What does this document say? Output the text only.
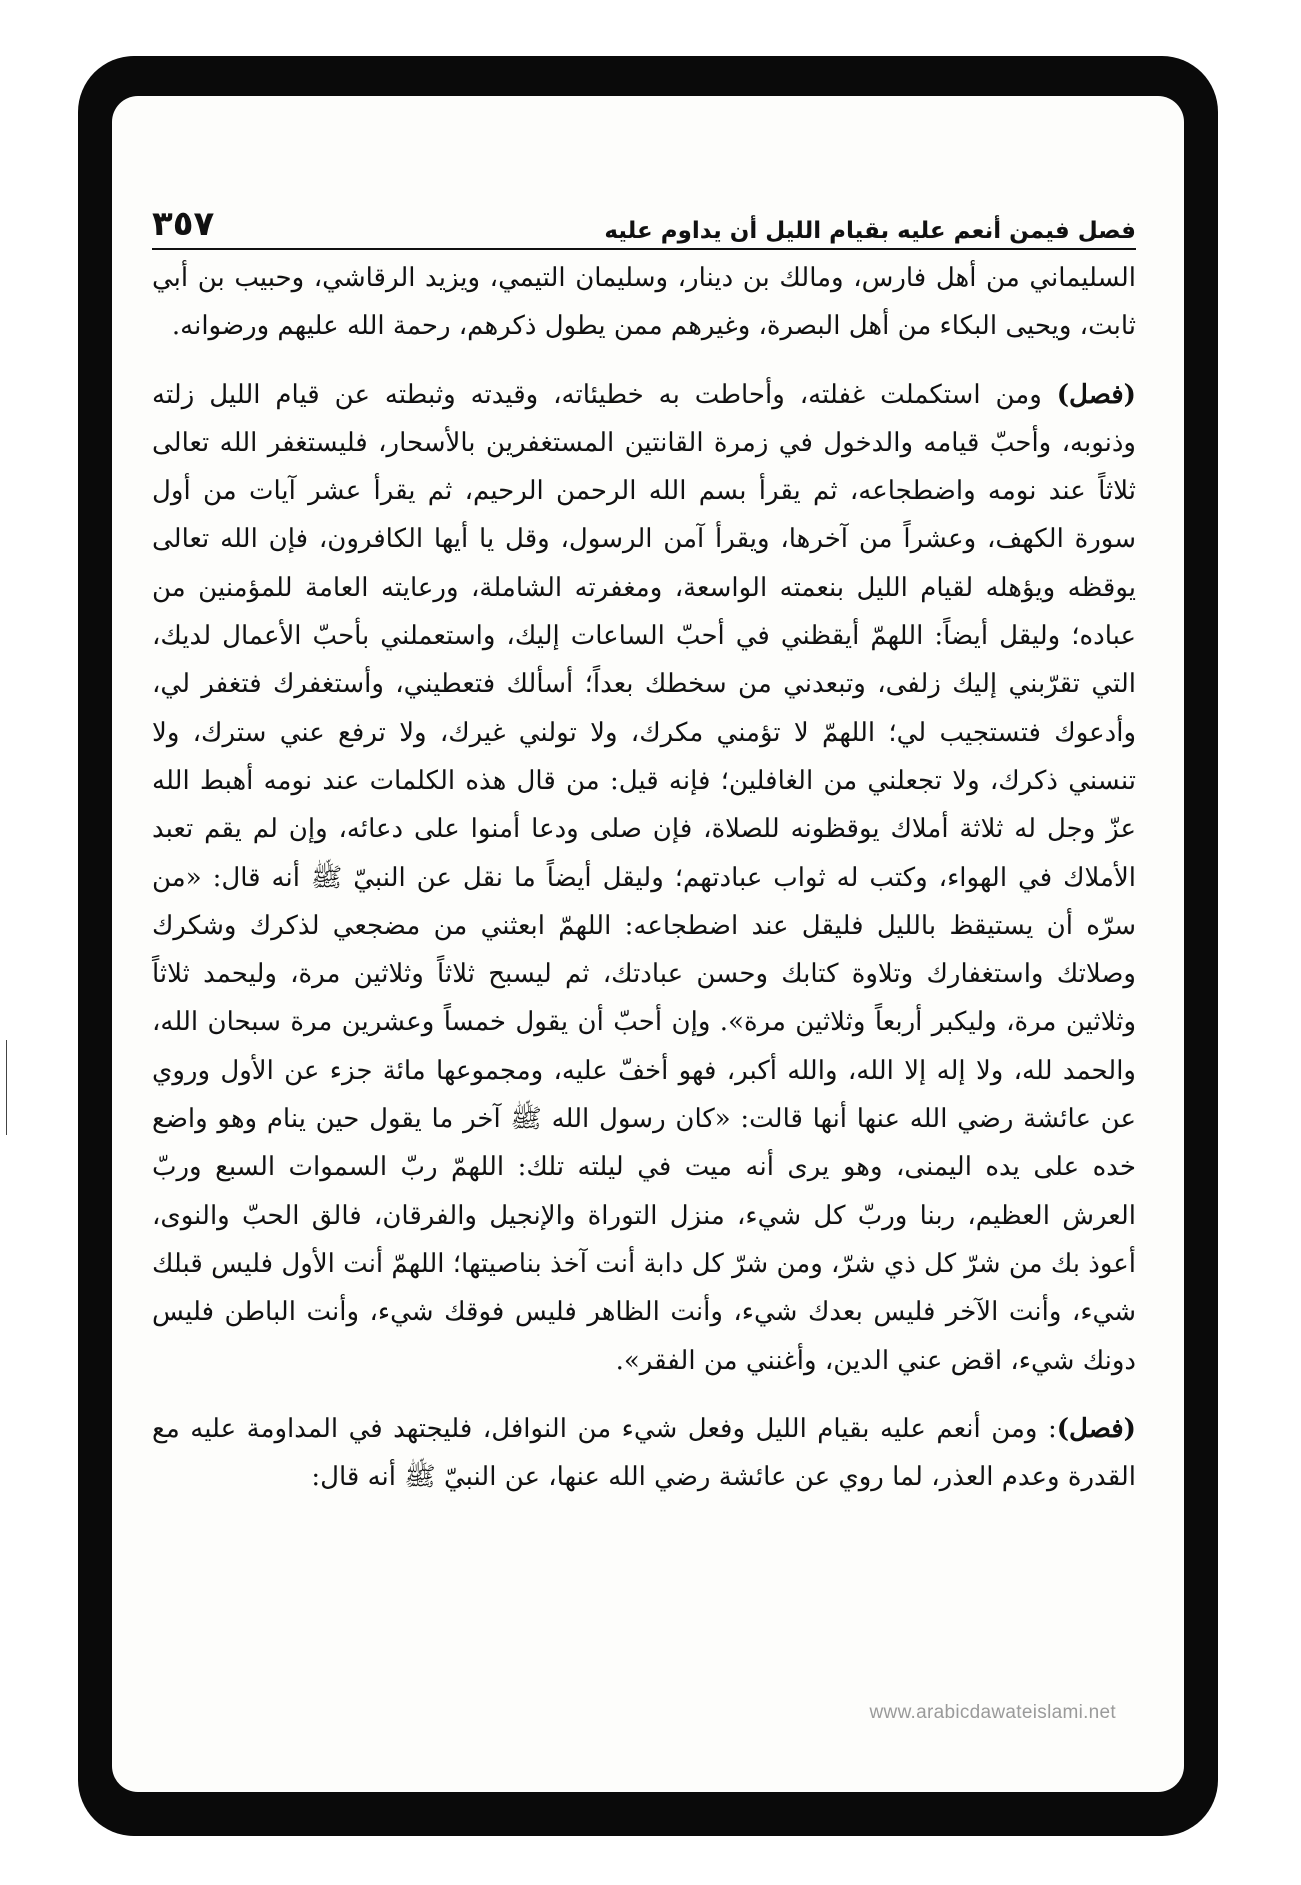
فصل فيمن أنعم عليه بقيام الليل أن يداوم عليه
٣٥٧

السليماني من أهل فارس، ومالك بن دينار، وسليمان التيمي، ويزيد الرقاشي، وحبيب بن أبي ثابت، ويحيى البكاء من أهل البصرة، وغيرهم ممن يطول ذكرهم، رحمة الله عليهم ورضوانه.

(فصل) ومن استكملت غفلته، وأحاطت به خطيئاته، وقيدته وثبطته عن قيام الليل زلته وذنوبه، وأحبّ قيامه والدخول في زمرة القانتين المستغفرين بالأسحار، فليستغفر الله تعالى ثلاثاً عند نومه واضطجاعه، ثم يقرأ بسم الله الرحمن الرحيم، ثم يقرأ عشر آيات من أول سورة الكهف، وعشراً من آخرها، ويقرأ آمن الرسول، وقل يا أيها الكافرون، فإن الله تعالى يوقظه ويؤهله لقيام الليل بنعمته الواسعة، ومغفرته الشاملة، ورعايته العامة للمؤمنين من عباده؛ وليقل أيضاً: اللهمّ أيقظني في أحبّ الساعات إليك، واستعملني بأحبّ الأعمال لديك، التي تقرّبني إليك زلفى، وتبعدني من سخطك بعداً؛ أسألك فتعطيني، وأستغفرك فتغفر لي، وأدعوك فتستجيب لي؛ اللهمّ لا تؤمني مكرك، ولا تولني غيرك، ولا ترفع عني سترك، ولا تنسني ذكرك، ولا تجعلني من الغافلين؛ فإنه قيل: من قال هذه الكلمات عند نومه أهبط الله عزّ وجل له ثلاثة أملاك يوقظونه للصلاة، فإن صلى ودعا أمنوا على دعائه، وإن لم يقم تعبد الأملاك في الهواء، وكتب له ثواب عبادتهم؛ وليقل أيضاً ما نقل عن النبيّ ﷺ أنه قال: «من سرّه أن يستيقظ بالليل فليقل عند اضطجاعه: اللهمّ ابعثني من مضجعي لذكرك وشكرك وصلاتك واستغفارك وتلاوة كتابك وحسن عبادتك، ثم ليسبح ثلاثاً وثلاثين مرة، وليحمد ثلاثاً وثلاثين مرة، وليكبر أربعاً وثلاثين مرة». وإن أحبّ أن يقول خمساً وعشرين مرة سبحان الله، والحمد لله، ولا إله إلا الله، والله أكبر، فهو أخفّ عليه، ومجموعها مائة جزء عن الأول وروي عن عائشة رضي الله عنها أنها قالت: «كان رسول الله ﷺ آخر ما يقول حين ينام وهو واضع خده على يده اليمنى، وهو يرى أنه ميت في ليلته تلك: اللهمّ ربّ السموات السبع وربّ العرش العظيم، ربنا وربّ كل شيء، منزل التوراة والإنجيل والفرقان، فالق الحبّ والنوى، أعوذ بك من شرّ كل ذي شرّ، ومن شرّ كل دابة أنت آخذ بناصيتها؛ اللهمّ أنت الأول فليس قبلك شيء، وأنت الآخر فليس بعدك شيء، وأنت الظاهر فليس فوقك شيء، وأنت الباطن فليس دونك شيء، اقض عني الدين، وأغنني من الفقر».

(فصل): ومن أنعم عليه بقيام الليل وفعل شيء من النوافل، فليجتهد في المداومة عليه مع القدرة وعدم العذر، لما روي عن عائشة رضي الله عنها، عن النبيّ ﷺ أنه قال:

www.arabicdawateislami.net
